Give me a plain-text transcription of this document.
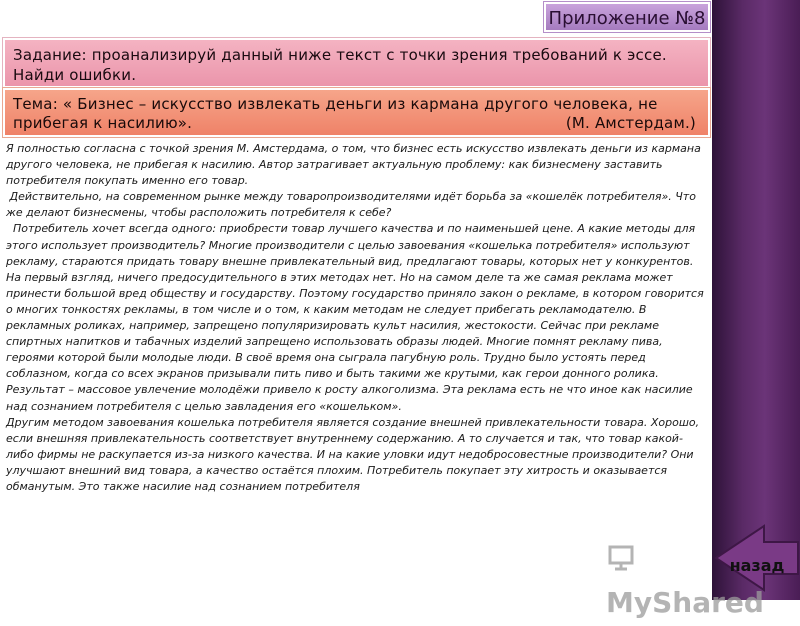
Приложение №8
Задание: проанализируй данный ниже текст с точки зрения требований к эссе. Найди ошибки.
Тема: « Бизнес – искусство извлекать деньги из кармана другого человека, не прибегая к насилию».	(М. Амстердам.)

Я полностью согласна с точкой зрения М. Амстердама, о том, что бизнес есть искусство извлекать деньги из кармана другого человека, не прибегая к насилию. Автор затрагивает актуальную проблему: как бизнесмену заставить потребителя покупать именно его товар.

Действительно, на современном рынке между товаропроизводителями идёт борьба за «кошелёк потребителя». Что же делают бизнесмены, чтобы расположить потребителя к себе?

Потребитель хочет всегда одного: приобрести товар лучшего качества и по наименьшей цене. А какие методы для этого использует производитель? Многие производители с целью завоевания «кошелька потребителя» используют рекламу, стараются придать товару внешне привлекательный вид, предлагают товары, которых нет у конкурентов.

На первый взгляд, ничего предосудительного в этих методах нет. Но на самом деле та же самая реклама может принести большой вред обществу и государству. Поэтому государство приняло закон о рекламе, в котором говорится о многих тонкостях рекламы, в том числе и о том, к каким методам не следует прибегать рекламодателю. В рекламных роликах, например, запрещено популяризировать культ насилия, жестокости. Сейчас при рекламе спиртных напитков и табачных изделий запрещено использовать образы людей. Многие помнят рекламу пива, героями которой были молодые люди. В своё время она сыграла пагубную роль. Трудно было устоять перед соблазном, когда со всех экранов призывали пить пиво и быть такими же крутыми, как герои донного ролика. Результат – массовое увлечение молодёжи привело к росту алкоголизма. Эта реклама есть не что иное как насилие над сознанием потребителя с целью завладения его «кошельком».

Другим методом завоевания кошелька потребителя является создание внешней привлекательности товара. Хорошо, если внешняя привлекательность соответствует внутреннему содержанию. А то случается и так, что товар какой-либо фирмы не раскупается из-за низкого качества. И на какие уловки идут недобросовестные производители? Они улучшают внешний вид товара, а качество остаётся плохим. Потребитель покупает эту хитрость и оказывается обманутым. Это также насилие над сознанием потребителя

MyShared
назад
